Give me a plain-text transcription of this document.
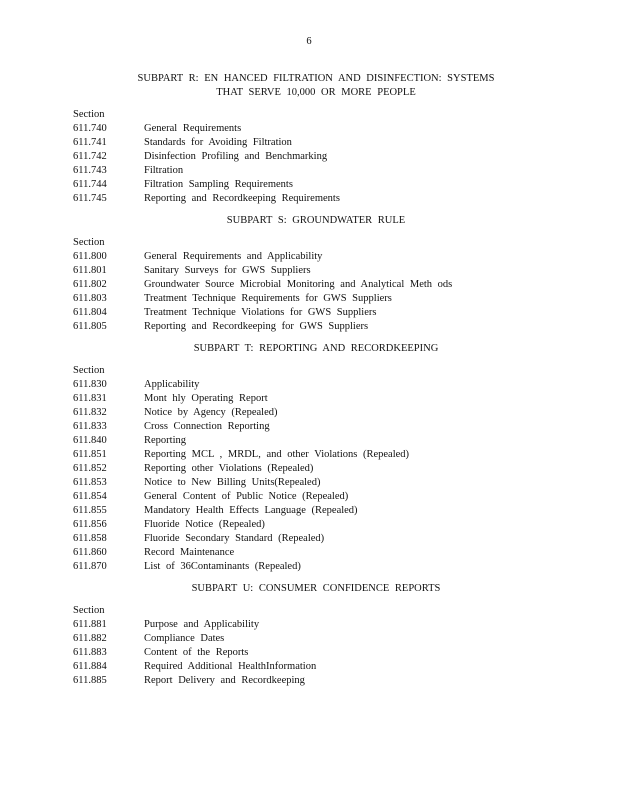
6
SUBPART R: EN HANCED FILTRATION AND DISINFECTION: SYSTEMS
THAT SERVE 10,000 OR MORE PEOPLE
Section
611.740	General Requirements
611.741	Standards for Avoiding Filtration
611.742	Disinfection Profiling and Benchmarking
611.743	Filtration
611.744	Filtration Sampling Requirements
611.745	Reporting and Recordkeeping Requirements
SUBPART S: GROUNDWATER RULE
Section
611.800	General Requirements and Applicability
611.801	Sanitary Surveys for GWS Suppliers
611.802	Groundwater Source Microbial Monitoring and Analytical Meth ods
611.803	Treatment Technique Requirements for GWS Suppliers
611.804	Treatment Technique Violations for GWS Suppliers
611.805	Reporting and Recordkeeping for GWS Suppliers
SUBPART T: REPORTING AND RECORDKEEPING
Section
611.830	Applicability
611.831	Mont hly Operating Report
611.832	Notice by Agency (Repealed)
611.833	Cross Connection Reporting
611.840	Reporting
611.851	Reporting MCL , MRDL, and other Violations (Repealed)
611.852	Reporting other Violations (Repealed)
611.853	Notice to New Billing Units(Repealed)
611.854	General Content of Public Notice (Repealed)
611.855	Mandatory Health Effects Language (Repealed)
611.856	Fluoride Notice (Repealed)
611.858	Fluoride Secondary Standard (Repealed)
611.860	Record Maintenance
611.870	List of 36Contaminants (Repealed)
SUBPART U: CONSUMER CONFIDENCE REPORTS
Section
611.881	Purpose and Applicability
611.882	Compliance Dates
611.883	Content of the Reports
611.884	Required Additional HealthInformation
611.885	Report Delivery and Recordkeeping
